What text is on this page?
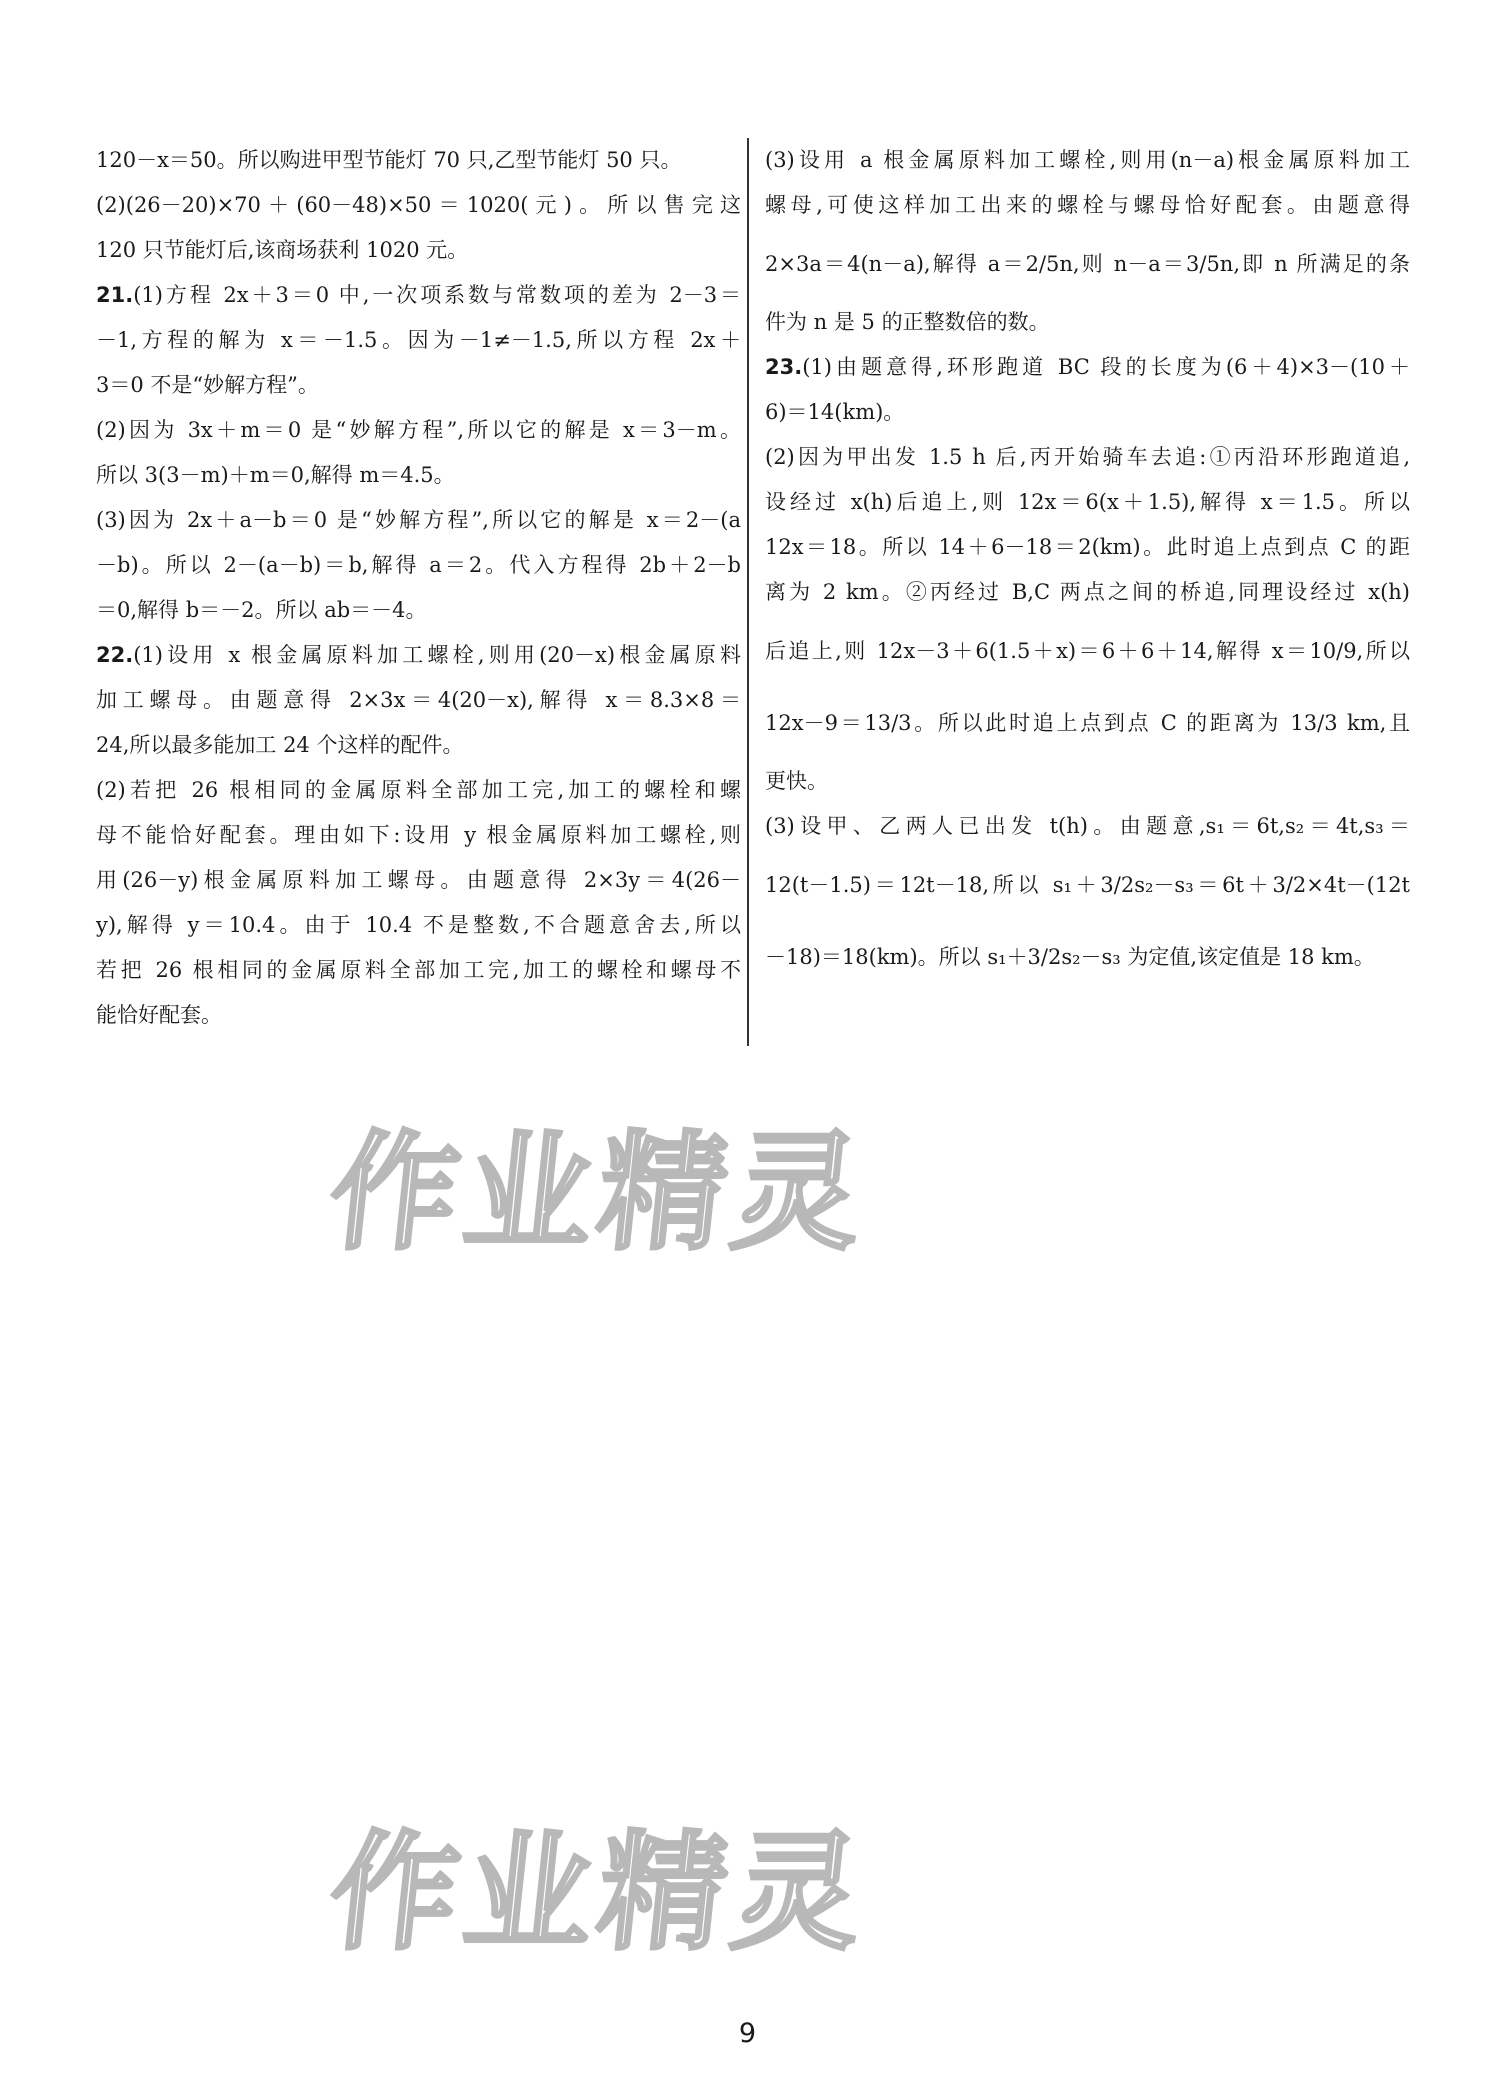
120－x＝50。所以购进甲型节能灯 70 只,乙型节能灯 50 只。
(2)(26－20)×70＋(60－48)×50＝1020(元)。所以售完这
120 只节能灯后,该商场获利 1020 元。
21.(1)方程 2x＋3＝0 中,一次项系数与常数项的差为 2－3＝
－1,方程的解为 x＝－1.5。因为－1≠－1.5,所以方程 2x＋
3＝0 不是“妙解方程”。
(2)因为 3x＋m＝0 是“妙解方程”,所以它的解是 x＝3－m。
所以 3(3－m)＋m＝0,解得 m＝4.5。
(3)因为 2x＋a－b＝0 是“妙解方程”,所以它的解是 x＝2－(a
－b)。所以 2－(a－b)＝b,解得 a＝2。代入方程得 2b＋2－b
＝0,解得 b＝－2。所以 ab＝－4。
22.(1)设用 x 根金属原料加工螺栓,则用(20－x)根金属原料
加工螺母。由题意得 2×3x＝4(20－x),解得 x＝8.3×8＝
24,所以最多能加工 24 个这样的配件。
(2)若把 26 根相同的金属原料全部加工完,加工的螺栓和螺
母不能恰好配套。理由如下:设用 y 根金属原料加工螺栓,则
用(26－y)根金属原料加工螺母。由题意得 2×3y＝4(26－
y),解得 y＝10.4。由于 10.4 不是整数,不合题意舍去,所以
若把 26 根相同的金属原料全部加工完,加工的螺栓和螺母不
能恰好配套。
(3)设用 a 根金属原料加工螺栓,则用(n－a)根金属原料加工
螺母,可使这样加工出来的螺栓与螺母恰好配套。由题意得
2×3a＝4(n－a),解得 a＝2/5n,则 n－a＝3/5n,即 n 所满足的条
件为 n 是 5 的正整数倍的数。
23.(1)由题意得,环形跑道 BC 段的长度为(6＋4)×3－(10＋
6)＝14(km)。
(2)因为甲出发 1.5 h 后,丙开始骑车去追:①丙沿环形跑道追,
设经过 x(h)后追上,则 12x＝6(x＋1.5),解得 x＝1.5。所以
12x＝18。所以 14＋6－18＝2(km)。此时追上点到点 C 的距
离为 2 km。②丙经过 B,C 两点之间的桥追,同理设经过 x(h)
后追上,则 12x－3＋6(1.5＋x)＝6＋6＋14,解得 x＝10/9,所以
12x－9＝13/3。所以此时追上点到点 C 的距离为 13/3 km,且
更快。
(3)设甲、乙两人已出发 t(h)。由题意,s₁＝6t,s₂＝4t,s₃＝
12(t－1.5)＝12t－18,所以 s₁＋3/2s₂－s₃＝6t＋3/2×4t－(12t
－18)＝18(km)。所以 s₁＋3/2s₂－s₃ 为定值,该定值是 18 km。
作业精灵
作业精灵
9
